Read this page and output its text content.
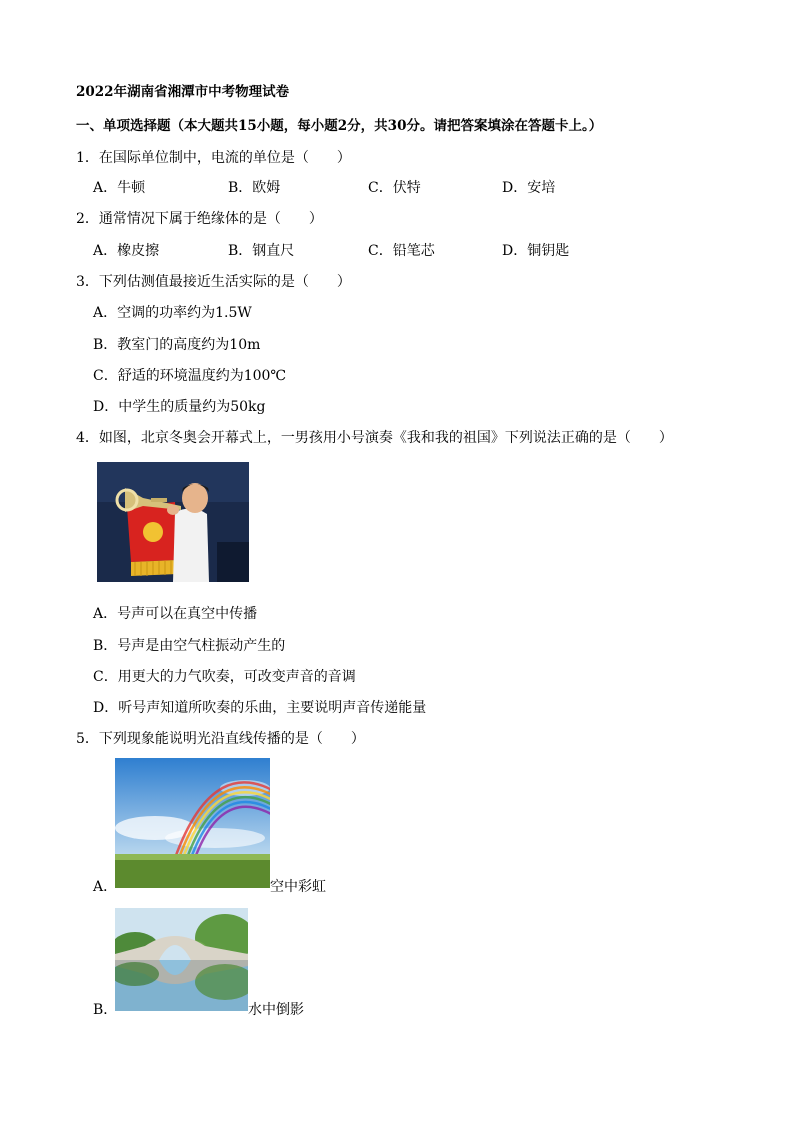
2022年湖南省湘潭市中考物理试卷
一、单项选择题（本大题共15小题，每小题2分，共30分。请把答案填涂在答题卡上。）
1．在国际单位制中，电流的单位是（　　）
A．牛顿	B．欧姆	C．伏特	D．安培
2．通常情况下属于绝缘体的是（　　）
A．橡皮擦	B．钢直尺	C．铅笔芯	D．铜钥匙
3．下列估测值最接近生活实际的是（　　）
A．空调的功率约为1.5W
B．教室门的高度约为10m
C．舒适的环境温度约为100℃
D．中学生的质量约为50kg
4．如图，北京冬奥会开幕式上，一男孩用小号演奏《我和我的祖国》下列说法正确的是（　　）
A．号声可以在真空中传播
B．号声是由空气柱振动产生的
C．用更大的力气吹奏，可改变声音的音调
D．听号声知道所吹奏的乐曲，主要说明声音传递能量
5．下列现象能说明光沿直线传播的是（　　）
A．	空中彩虹
B．	水中倒影
